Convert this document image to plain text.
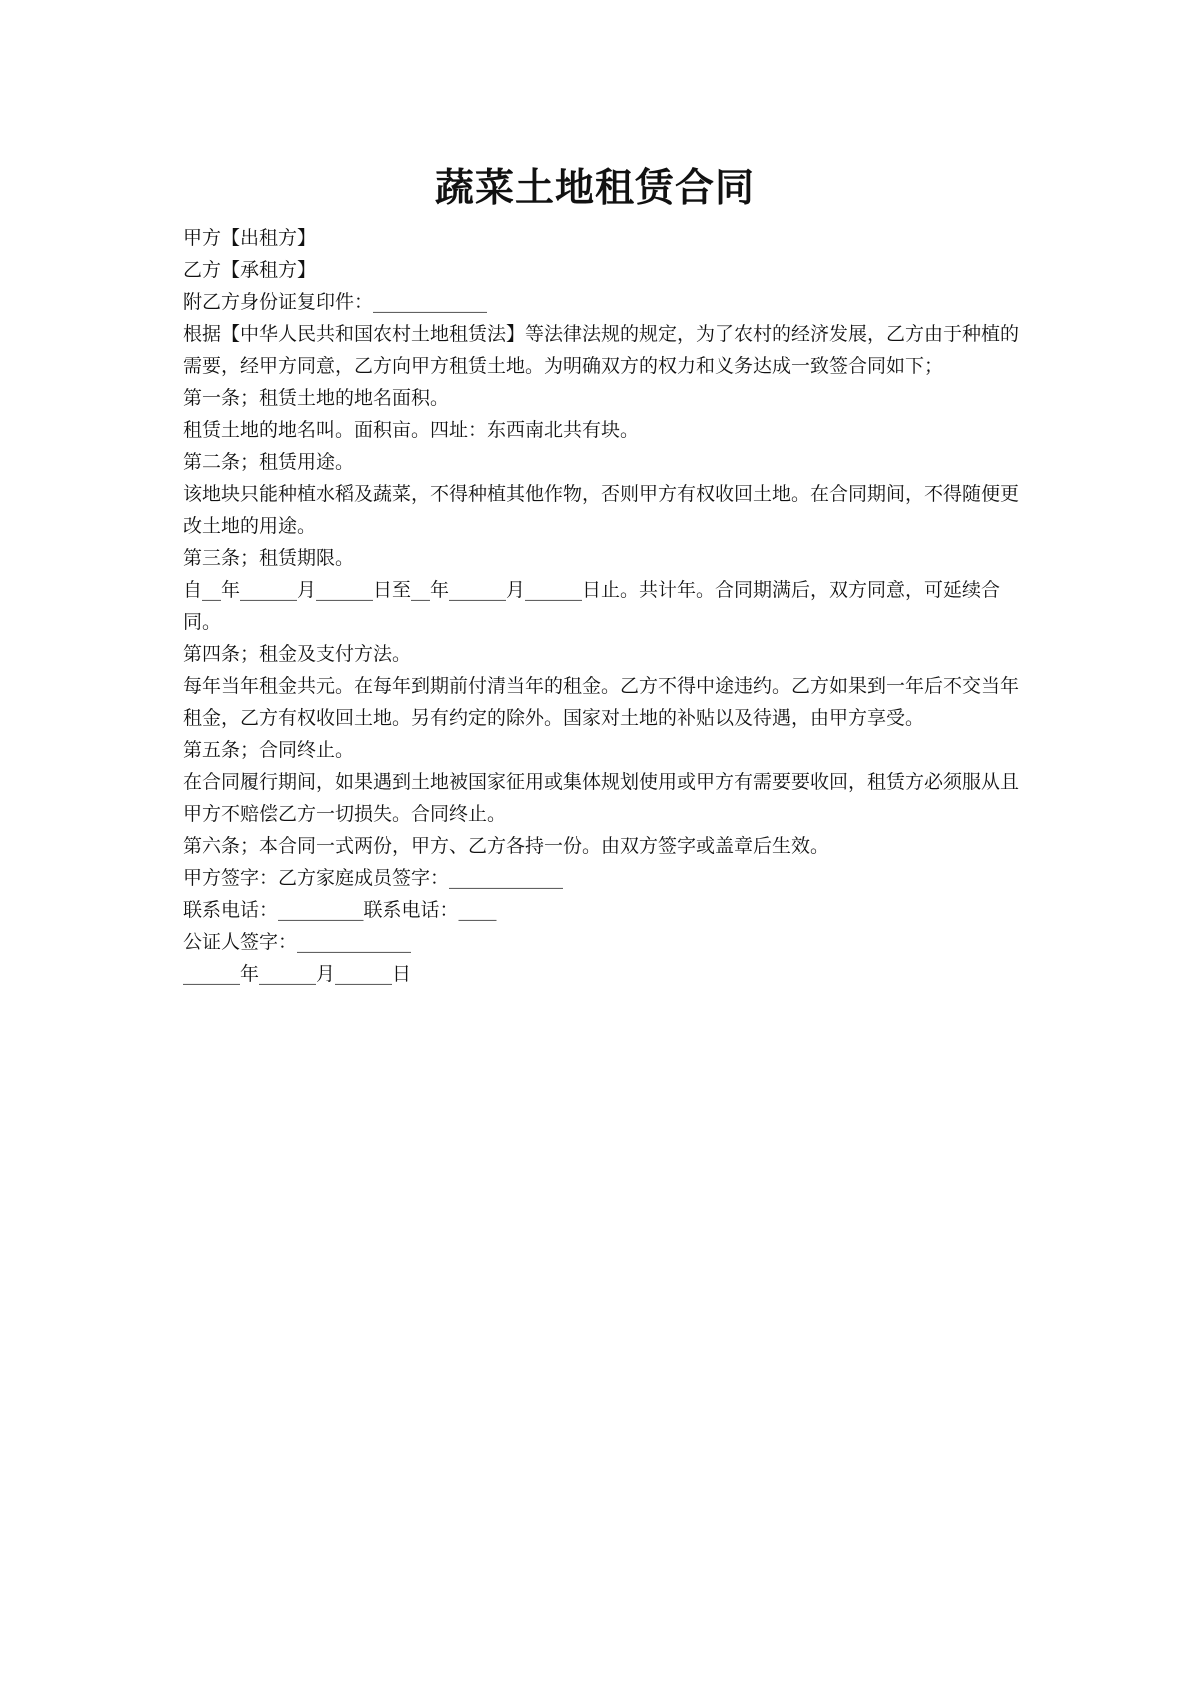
蔬菜土地租赁合同

甲方【出租方】

乙方【承租方】

附乙方身份证复印件：____________

根据【中华人民共和国农村土地租赁法】等法律法规的规定，为了农村的经济发展，乙方由于种植的需要，经甲方同意，乙方向甲方租赁土地。为明确双方的权力和义务达成一致签合同如下；

第一条；租赁土地的地名面积。

租赁土地的地名叫。面积亩。四址：东西南北共有块。

第二条；租赁用途。

该地块只能种植水稻及蔬菜，不得种植其他作物，否则甲方有权收回土地。在合同期间，不得随便更改土地的用途。

第三条；租赁期限。

自__年______月______日至__年______月______日止。共计年。合同期满后，双方同意，可延续合同。

第四条；租金及支付方法。

每年当年租金共元。在每年到期前付清当年的租金。乙方不得中途违约。乙方如果到一年后不交当年租金，乙方有权收回土地。另有约定的除外。国家对土地的补贴以及待遇，由甲方享受。

第五条；合同终止。

在合同履行期间，如果遇到土地被国家征用或集体规划使用或甲方有需要要收回，租赁方必须服从且甲方不赔偿乙方一切损失。合同终止。

第六条；本合同一式两份，甲方、乙方各持一份。由双方签字或盖章后生效。

甲方签字：乙方家庭成员签字：____________

联系电话：_________联系电话：____

公证人签字：____________

______年______月______日
